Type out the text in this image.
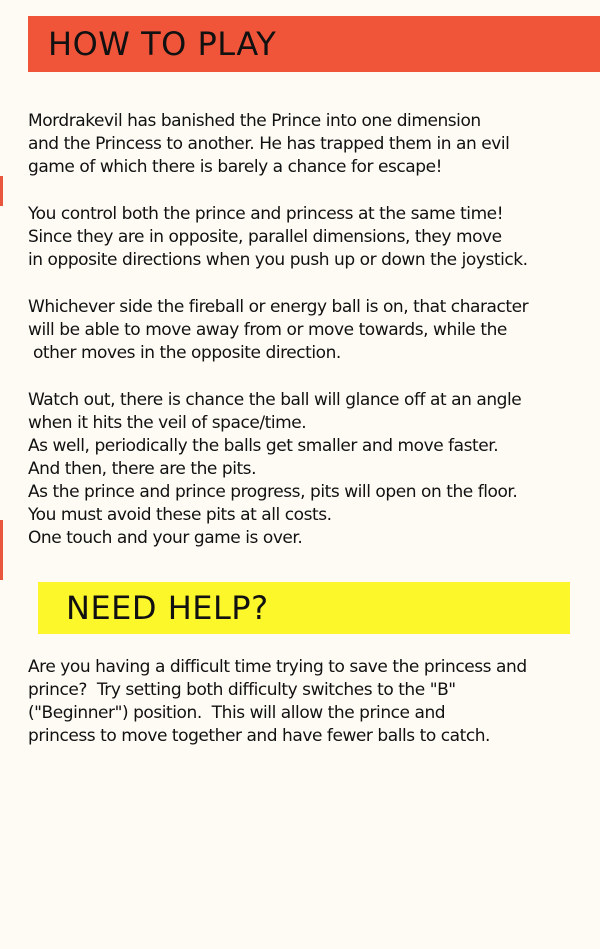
HOW TO PLAY

Mordrakevil has banished the Prince into one dimension
and the Princess to another. He has trapped them in an evil
game of which there is barely a chance for escape!

You control both the prince and princess at the same time!
Since they are in opposite, parallel dimensions, they move
in opposite directions when you push up or down the joystick.

Whichever side the fireball or energy ball is on, that character
will be able to move away from or move towards, while the
other moves in the opposite direction.

Watch out, there is chance the ball will glance off at an angle
when it hits the veil of space/time.
As well, periodically the balls get smaller and move faster.
And then, there are the pits.
As the prince and prince progress, pits will open on the floor.
You must avoid these pits at all costs.
One touch and your game is over.

NEED HELP?

Are you having a difficult time trying to save the princess and
prince?  Try setting both difficulty switches to the "B"
("Beginner") position.  This will allow the prince and
princess to move together and have fewer balls to catch.
